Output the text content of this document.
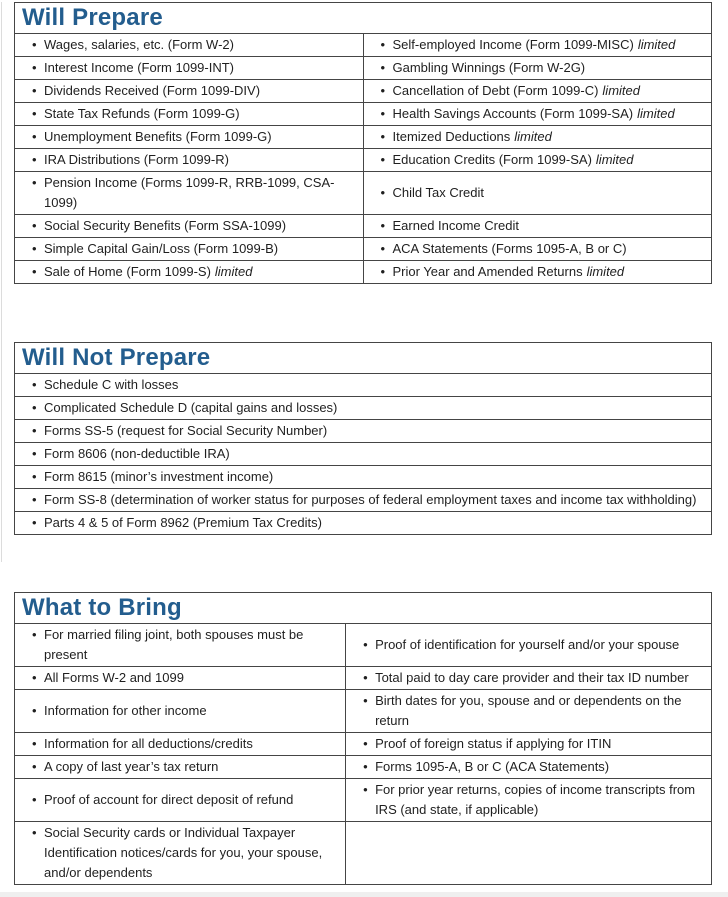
Will Prepare	

• Wages, salaries, etc. (Form W-2)	• Self-employed Income (Form 1099-MISC) limited

• Interest Income (Form 1099-INT)	• Gambling Winnings (Form W-2G)

• Dividends Received (Form 1099-DIV)	• Cancellation of Debt (Form 1099-C) limited

• State Tax Refunds (Form 1099-G)	• Health Savings Accounts (Form 1099-SA) limited

• Unemployment Benefits (Form 1099-G)	• Itemized Deductions limited

• IRA Distributions (Form 1099-R)	• Education Credits (Form 1099-SA) limited

• Pension Income (Forms 1099-R, RRB-1099, CSA-1099)	• Child Tax Credit

• Social Security Benefits (Form SSA-1099)	• Earned Income Credit

• Simple Capital Gain/Loss (Form 1099-B)	• ACA Statements (Forms 1095-A, B or C)

• Sale of Home (Form 1099-S) limited	• Prior Year and Amended Returns limited
Will Not Prepare

• Schedule C with losses

• Complicated Schedule D (capital gains and losses)

• Forms SS-5 (request for Social Security Number)

• Form 8606 (non-deductible IRA)

• Form 8615 (minor’s investment income)

• Form SS-8 (determination of worker status for purposes of federal employment taxes and income tax withholding)

• Parts 4 & 5 of Form 8962 (Premium Tax Credits)
What to Bring	

• For married filing joint, both spouses must be present	• Proof of identification for yourself and/or your spouse

• All Forms W-2 and 1099	• Total paid to day care provider and their tax ID number

• Information for other income	• Birth dates for you, spouse and or dependents on the return

• Information for all deductions/credits	• Proof of foreign status if applying for ITIN

• A copy of last year’s tax return	• Forms 1095-A, B or C (ACA Statements)

• Proof of account for direct deposit of refund	• For prior year returns, copies of income transcripts from IRS (and state, if applicable)

• Social Security cards or Individual Taxpayer Identification notices/cards for you, your spouse, and/or dependents	
